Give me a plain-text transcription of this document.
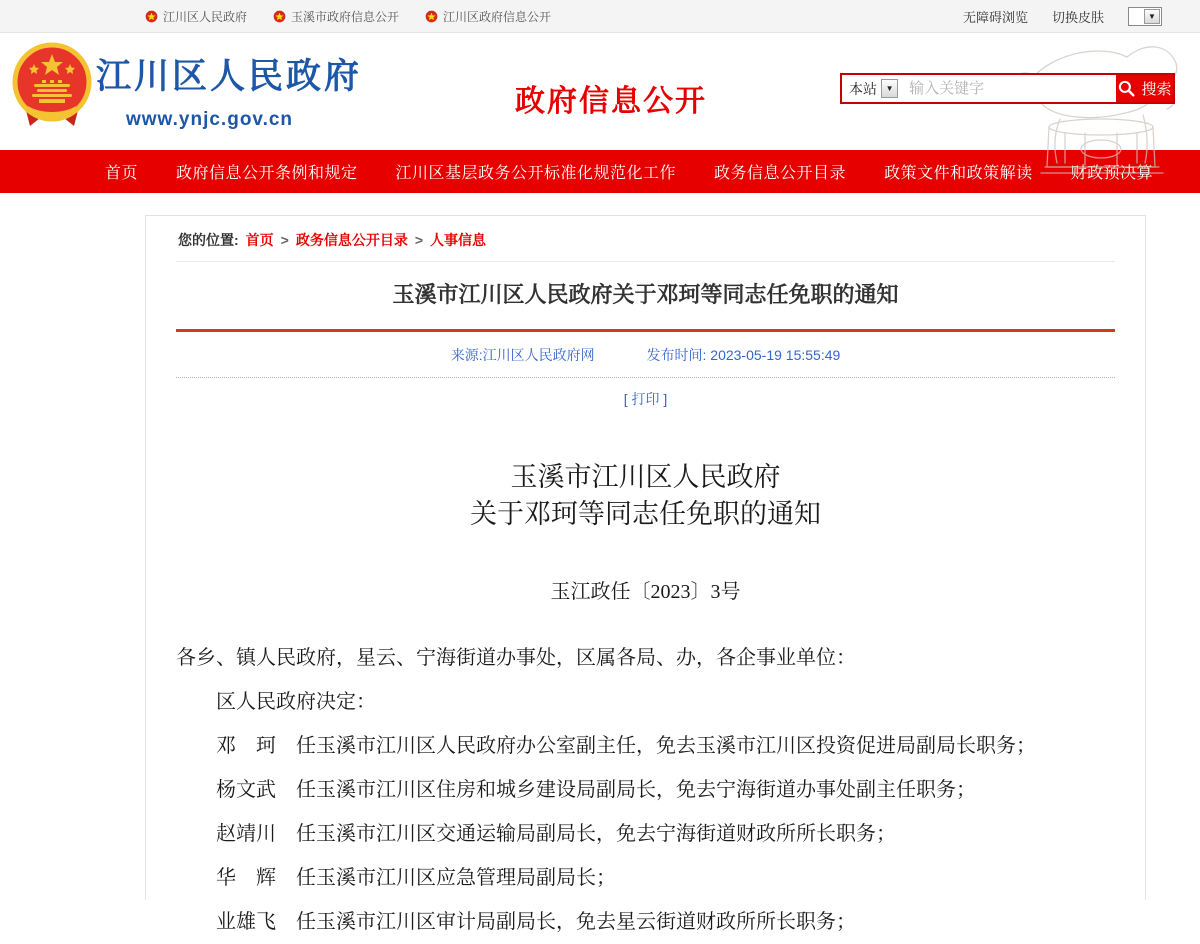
江川区人民政府	玉溪市政府信息公开	江川区政府信息公开	无障碍浏览 切换皮肤	▼
江川区人民政府
www.ynjc.gov.cn
政府信息公开	本站	▼
输入关键字	搜索
首页 政府信息公开条例和规定 江川区基层政务公开标准化规范化工作 政务信息公开目录 政策文件和政策解读 财政预决算
您的位置: 首页 > 政务信息公开目录 > 人事信息
玉溪市江川区人民政府关于邓珂等同志任免职的通知
来源:江川区人民政府网	发布时间: 2023-05-19 15:55:49
[ 打印 ]
玉溪市江川区人民政府
关于邓珂等同志任免职的通知
玉江政任〔2023〕3号

各乡、镇人民政府，星云、宁海街道办事处，区属各局、办，各企事业单位：

区人民政府决定：

邓　珂　任玉溪市江川区人民政府办公室副主任，免去玉溪市江川区投资促进局副局长职务；

杨文武　任玉溪市江川区住房和城乡建设局副局长，免去宁海街道办事处副主任职务；

赵靖川　任玉溪市江川区交通运输局副局长，免去宁海街道财政所所长职务；

华　辉　任玉溪市江川区应急管理局副局长；

业雄飞　任玉溪市江川区审计局副局长，免去星云街道财政所所长职务；
